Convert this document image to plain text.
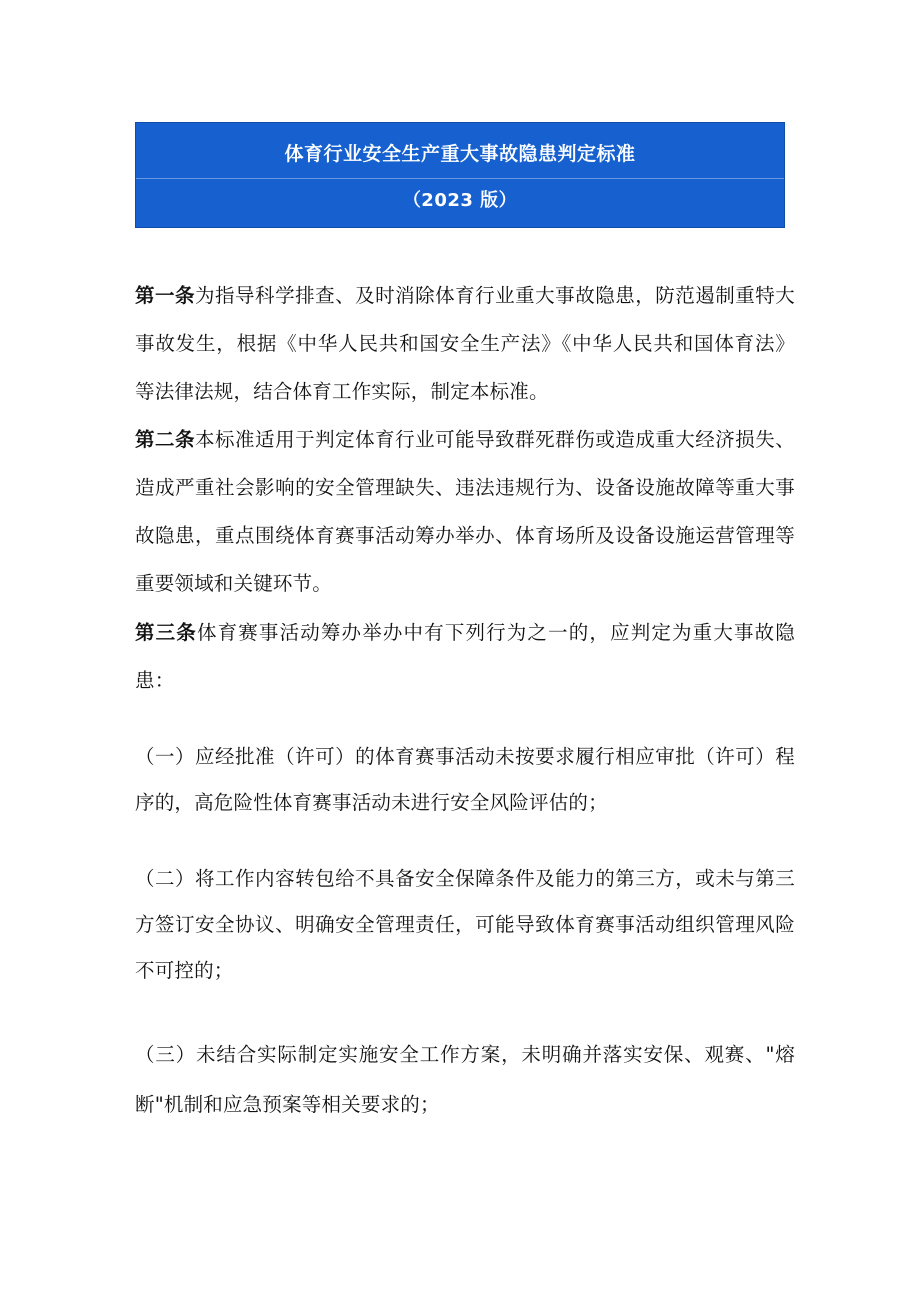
体育行业安全生产重大事故隐患判定标准
（2023 版）
第一条为指导科学排查、及时消除体育行业重大事故隐患，防范遏制重特大事故发生，根据《中华人民共和国安全生产法》《中华人民共和国体育法》等法律法规，结合体育工作实际，制定本标准。
第二条本标准适用于判定体育行业可能导致群死群伤或造成重大经济损失、造成严重社会影响的安全管理缺失、违法违规行为、设备设施故障等重大事故隐患，重点围绕体育赛事活动筹办举办、体育场所及设备设施运营管理等重要领域和关键环节。
第三条体育赛事活动筹办举办中有下列行为之一的，应判定为重大事故隐患：
（一）应经批准（许可）的体育赛事活动未按要求履行相应审批（许可）程序的，高危险性体育赛事活动未进行安全风险评估的；
（二）将工作内容转包给不具备安全保障条件及能力的第三方，或未与第三方签订安全协议、明确安全管理责任，可能导致体育赛事活动组织管理风险不可控的；
（三）未结合实际制定实施安全工作方案，未明确并落实安保、观赛、"熔断"机制和应急预案等相关要求的；
